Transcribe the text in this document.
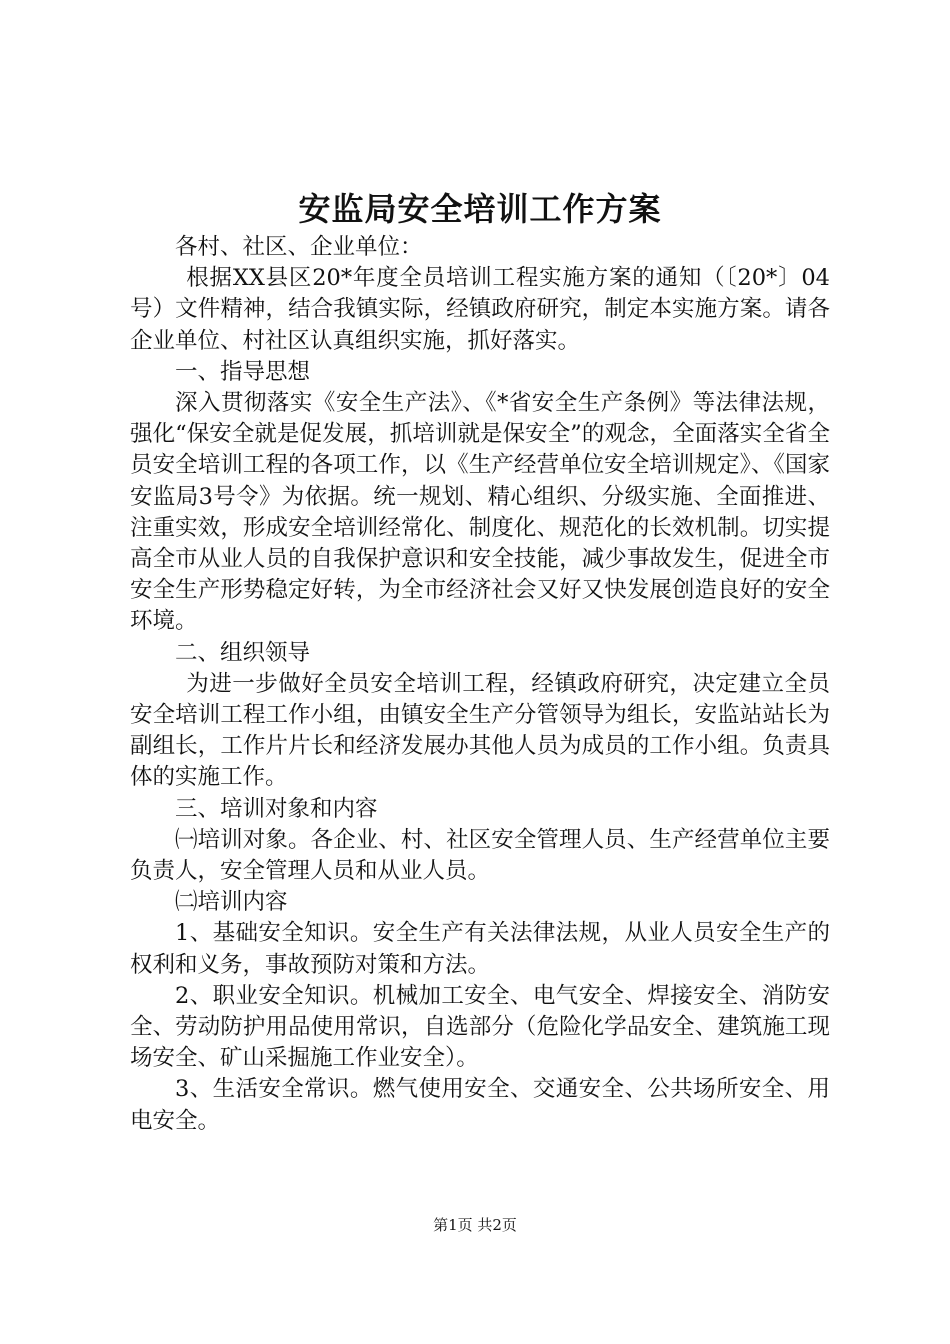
安监局安全培训工作方案

各村、社区、企业单位：

根据XX县区20*年度全员培训工程实施方案的通知（〔20*〕04号）文件精神，结合我镇实际，经镇政府研究，制定本实施方案。请各企业单位、村社区认真组织实施，抓好落实。

一、指导思想

深入贯彻落实《安全生产法》、《*省安全生产条例》等法律法规，强化“保安全就是促发展，抓培训就是保安全”的观念，全面落实全省全员安全培训工程的各项工作，以《生产经营单位安全培训规定》、《国家安监局3号令》为依据。统一规划、精心组织、分级实施、全面推进、注重实效，形成安全培训经常化、制度化、规范化的长效机制。切实提高全市从业人员的自我保护意识和安全技能，减少事故发生，促进全市安全生产形势稳定好转，为全市经济社会又好又快发展创造良好的安全环境。

二、组织领导

为进一步做好全员安全培训工程，经镇政府研究，决定建立全员安全培训工程工作小组，由镇安全生产分管领导为组长，安监站站长为副组长，工作片片长和经济发展办其他人员为成员的工作小组。负责具体的实施工作。

三、培训对象和内容

㈠培训对象。各企业、村、社区安全管理人员、生产经营单位主要负责人，安全管理人员和从业人员。

㈡培训内容

1、基础安全知识。安全生产有关法律法规，从业人员安全生产的权利和义务，事故预防对策和方法。

2、职业安全知识。机械加工安全、电气安全、焊接安全、消防安全、劳动防护用品使用常识，自选部分（危险化学品安全、建筑施工现场安全、矿山采掘施工作业安全）。

3、生活安全常识。燃气使用安全、交通安全、公共场所安全、用电安全。

第1页 共2页
